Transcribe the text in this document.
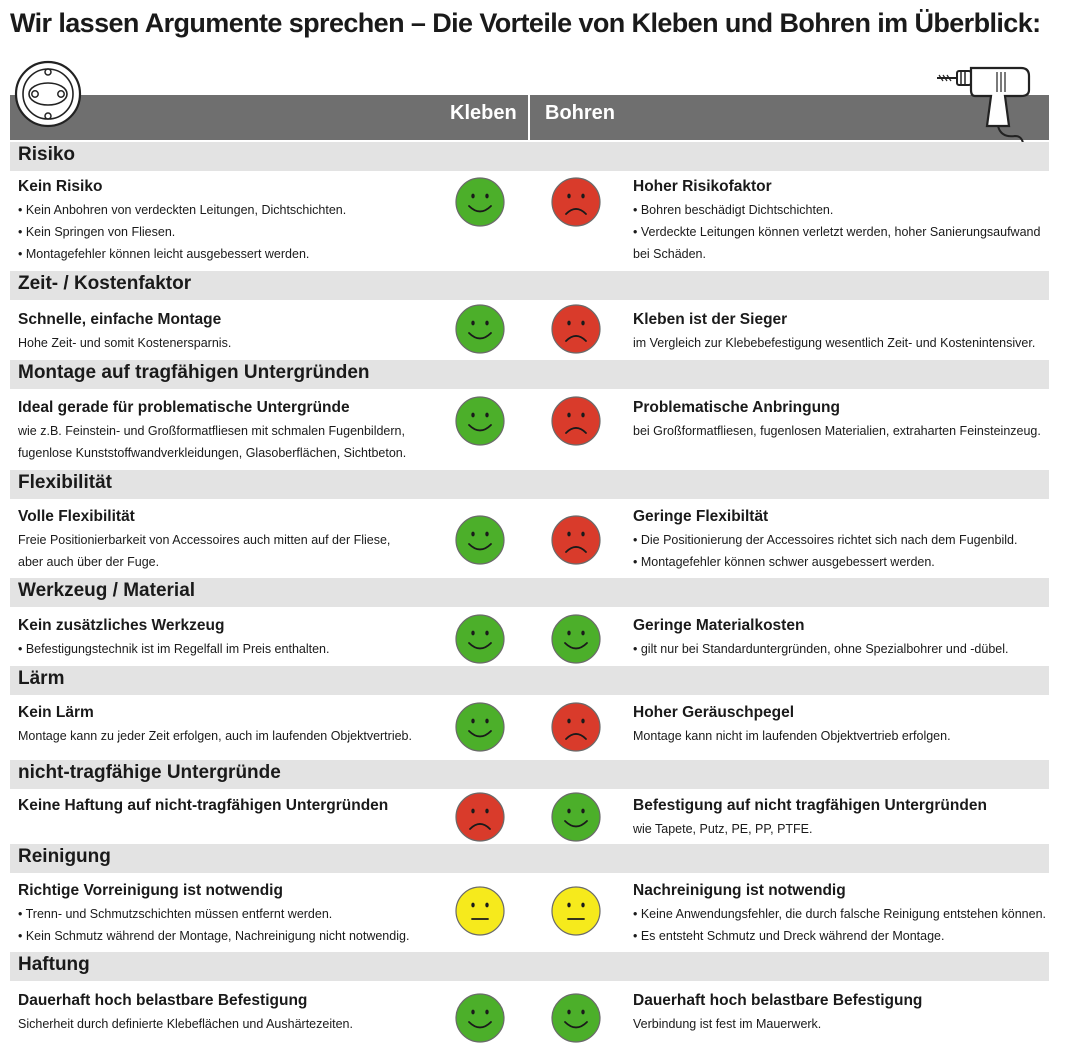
Wir lassen Argumente sprechen – Die Vorteile von Kleben und Bohren im Überblick:
Kleben Bohren
Risiko
Kein Risiko
• Kein Anbohren von verdeckten Leitungen, Dichtschichten.
• Kein Springen von Fliesen.
• Montagefehler können leicht ausgebessert werden.
Hoher Risikofaktor
• Bohren beschädigt Dichtschichten.
• Verdeckte Leitungen können verletzt werden, hoher Sanierungsaufwand
bei Schäden.
Zeit- / Kostenfaktor
Schnelle, einfache Montage
Hohe Zeit- und somit Kostenersparnis.
Kleben ist der Sieger
im Vergleich zur Klebebefestigung wesentlich Zeit- und Kostenintensiver.
Montage auf tragfähigen Untergründen
Ideal gerade für problematische Untergründe
wie z.B. Feinstein- und Großformatfliesen mit schmalen Fugenbildern,
fugenlose Kunststoffwandverkleidungen, Glasoberflächen, Sichtbeton.
Problematische Anbringung
bei Großformatfliesen, fugenlosen Materialien, extraharten Feinsteinzeug.
Flexibilität
Volle Flexibilität
Freie Positionierbarkeit von Accessoires auch mitten auf der Fliese,
aber auch über der Fuge.
Geringe Flexibiltät
• Die Positionierung der Accessoires richtet sich nach dem Fugenbild.
• Montagefehler können schwer ausgebessert werden.
Werkzeug / Material
Kein zusätzliches Werkzeug
• Befestigungstechnik ist im Regelfall im Preis enthalten.
Geringe Materialkosten
• gilt nur bei Standarduntergründen, ohne Spezialbohrer und -dübel.
Lärm
Kein Lärm
Montage kann zu jeder Zeit erfolgen, auch im laufenden Objektvertrieb.
Hoher Geräuschpegel
Montage kann nicht im laufenden Objektvertrieb erfolgen.
nicht-tragfähige Untergründe
Keine Haftung auf nicht-tragfähigen Untergründen	Befestigung auf nicht tragfähigen Untergründen
wie Tapete, Putz, PE, PP, PTFE.
Reinigung
Richtige Vorreinigung ist notwendig
• Trenn- und Schmutzschichten müssen entfernt werden.
• Kein Schmutz während der Montage, Nachreinigung nicht notwendig.
Nachreinigung ist notwendig
• Keine Anwendungsfehler, die durch falsche Reinigung entstehen können.
• Es entsteht Schmutz und Dreck während der Montage.
Haftung
Dauerhaft hoch belastbare Befestigung
Sicherheit durch definierte Klebeflächen und Aushärtezeiten.
Dauerhaft hoch belastbare Befestigung
Verbindung ist fest im Mauerwerk.
